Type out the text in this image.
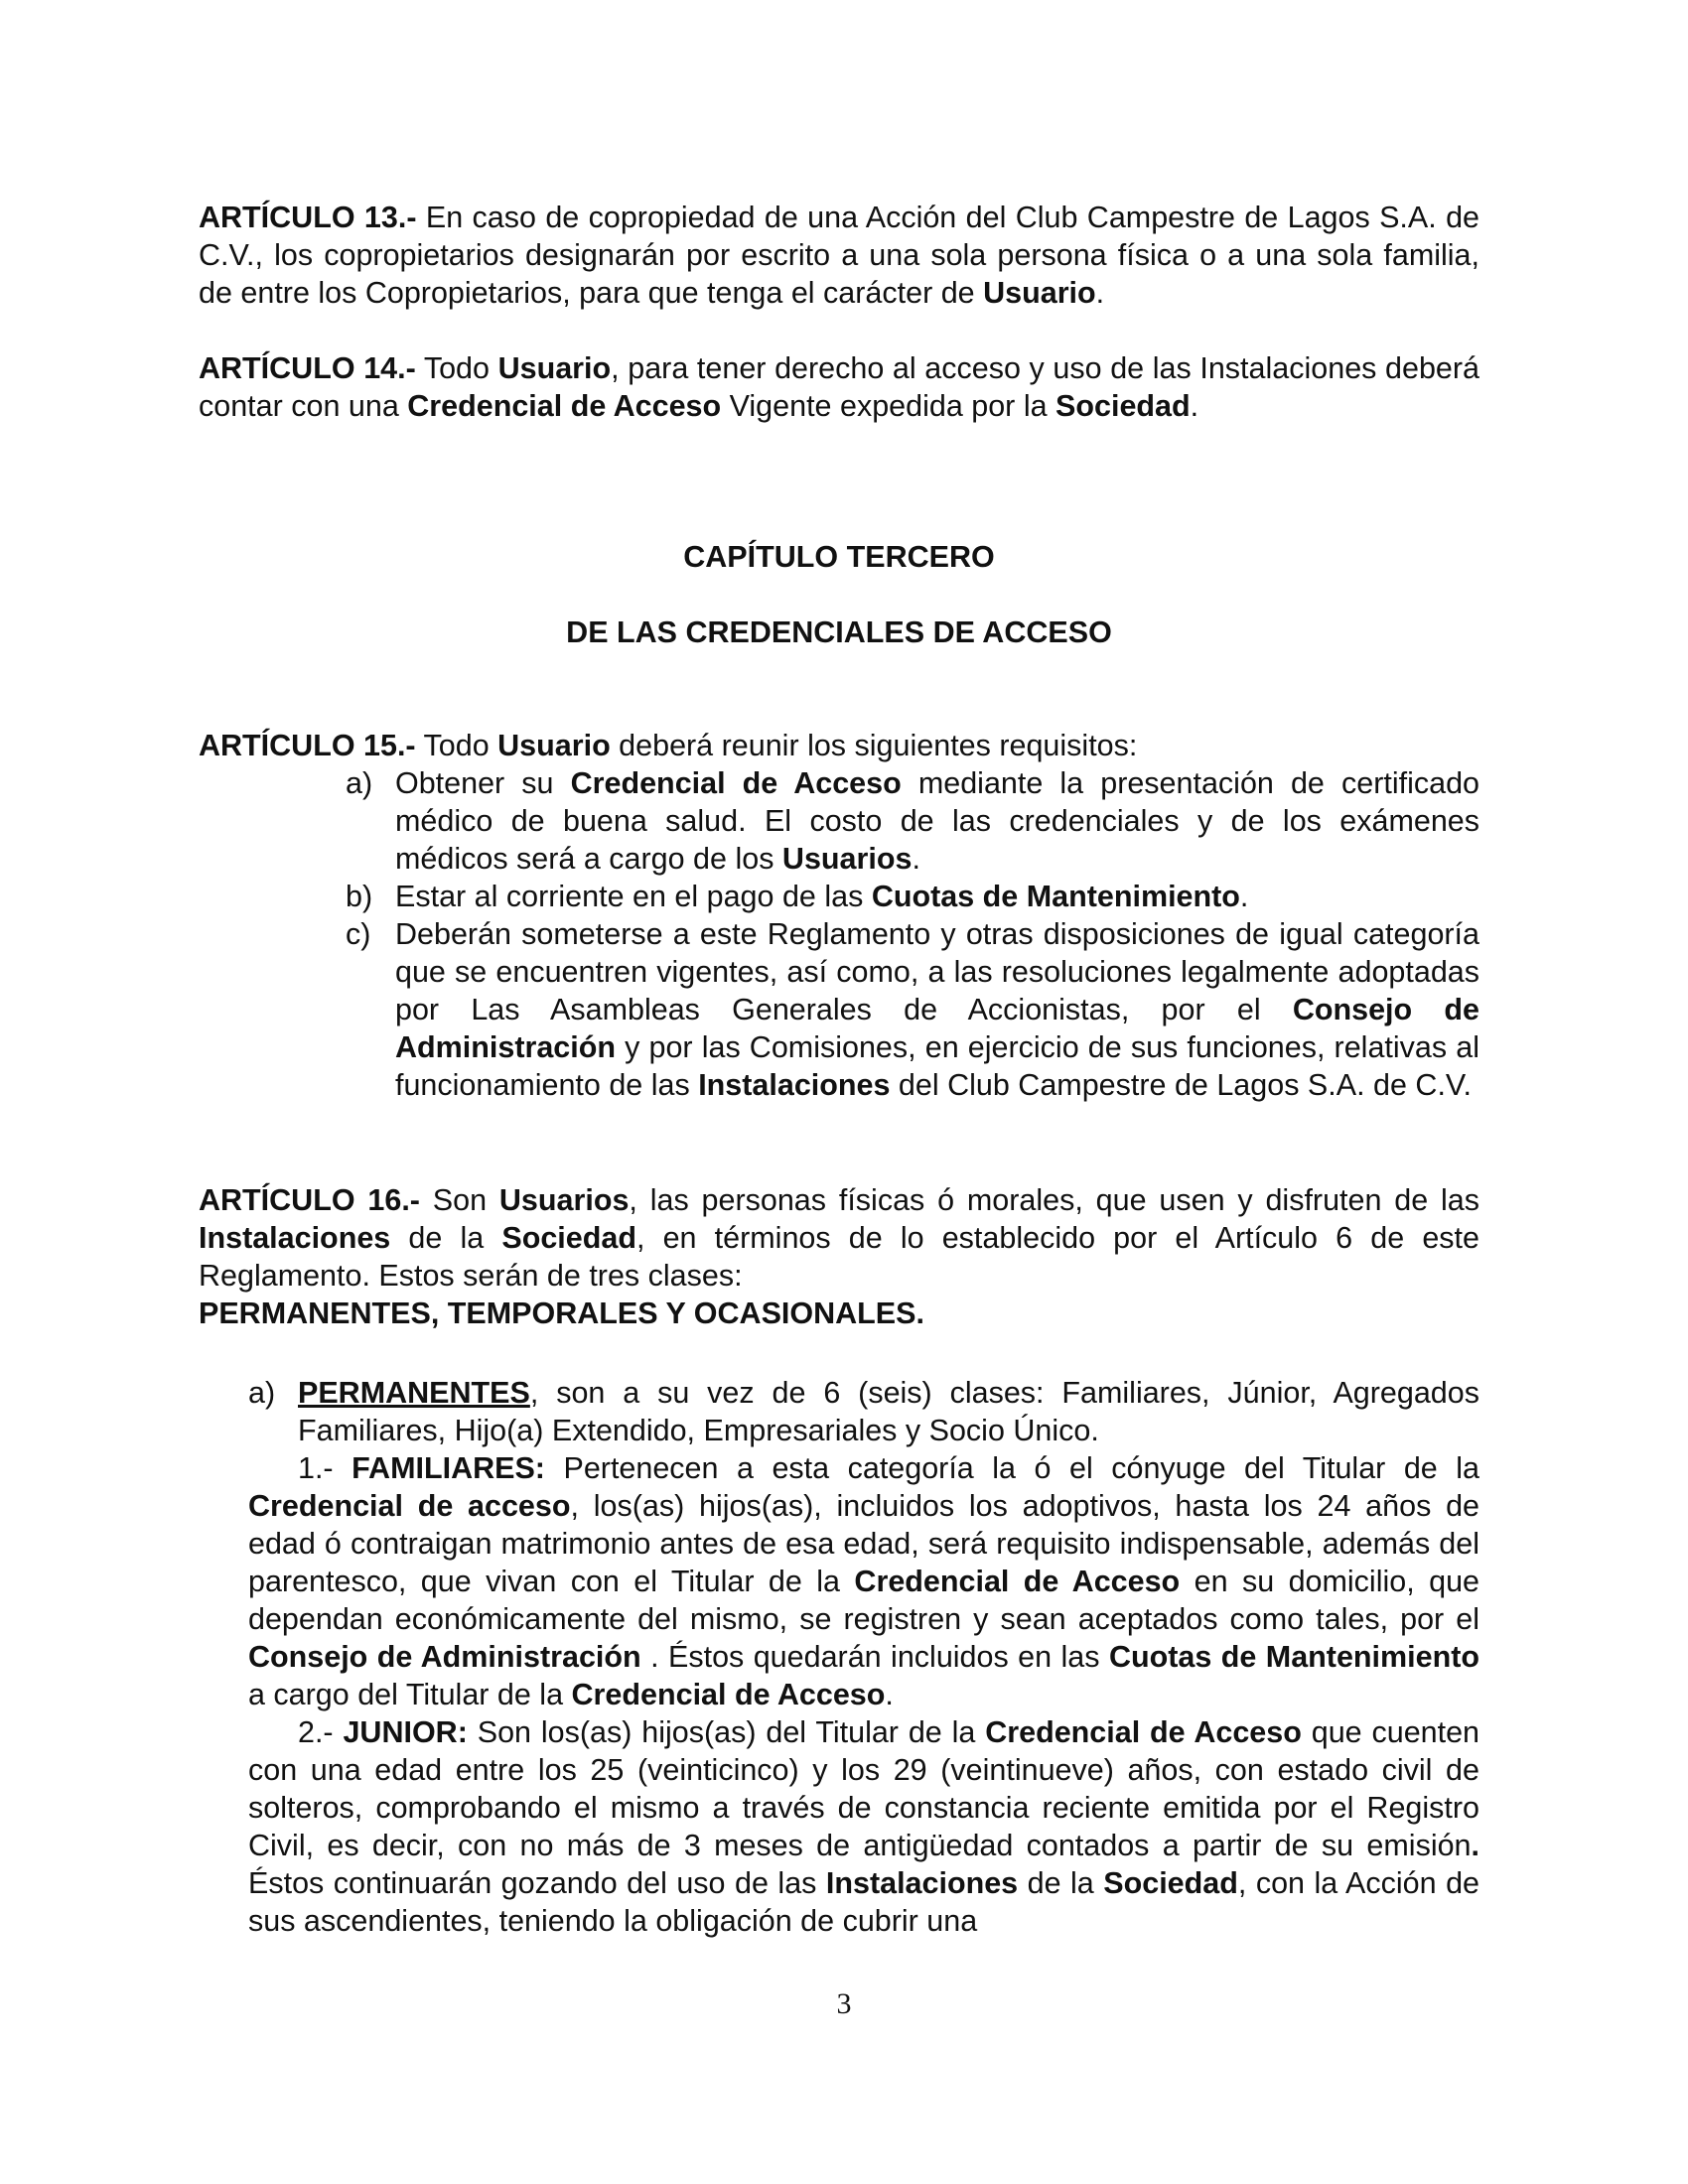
ARTÍCULO 13.- En caso de copropiedad de una Acción del Club Campestre de Lagos S.A. de C.V., los copropietarios designarán por escrito a una sola persona física o a una sola familia, de entre los Copropietarios, para que tenga el carácter de Usuario.

ARTÍCULO 14.- Todo Usuario, para tener derecho al acceso y uso de las Instalaciones deberá contar con una Credencial de Acceso Vigente expedida por la Sociedad.

CAPÍTULO TERCERO
DE LAS CREDENCIALES DE ACCESO

ARTÍCULO 15.- Todo Usuario deberá reunir los siguientes requisitos:

a) Obtener su Credencial de Acceso mediante la presentación de certificado médico de buena salud. El costo de las credenciales y de los exámenes médicos será a cargo de los Usuarios.

b) Estar al corriente en el pago de las Cuotas de Mantenimiento.

c) Deberán someterse a este Reglamento y otras disposiciones de igual categoría que se encuentren vigentes, así como, a las resoluciones legalmente adoptadas por Las Asambleas Generales de Accionistas, por el Consejo de Administración y por las Comisiones, en ejercicio de sus funciones, relativas al funcionamiento de las Instalaciones del Club Campestre de Lagos S.A. de C.V.

ARTÍCULO 16.- Son Usuarios, las personas físicas ó morales, que usen y disfruten de las Instalaciones de la Sociedad, en términos de lo establecido por el Artículo 6 de este Reglamento. Estos serán de tres clases:

PERMANENTES, TEMPORALES Y OCASIONALES.

a) PERMANENTES, son a su vez de 6 (seis) clases: Familiares, Júnior, Agregados Familiares, Hijo(a) Extendido, Empresariales y Socio Único.

1.- FAMILIARES: Pertenecen a esta categoría la ó el cónyuge del Titular de la Credencial de acceso, los(as) hijos(as), incluidos los adoptivos, hasta los 24 años de edad ó contraigan matrimonio antes de esa edad, será requisito indispensable, además del parentesco, que vivan con el Titular de la Credencial de Acceso en su domicilio, que dependan económicamente del mismo, se registren y sean aceptados como tales, por el Consejo de Administración . Éstos quedarán incluidos en las Cuotas de Mantenimiento a cargo del Titular de la Credencial de Acceso.

2.- JUNIOR: Son los(as) hijos(as) del Titular de la Credencial de Acceso que cuenten con una edad entre los 25 (veinticinco) y los 29 (veintinueve) años, con estado civil de solteros, comprobando el mismo a través de constancia reciente emitida por el Registro Civil, es decir, con no más de 3 meses de antigüedad contados a partir de su emisión. Éstos continuarán gozando del uso de las Instalaciones de la Sociedad, con la Acción de sus ascendientes, teniendo la obligación de cubrir una

3
